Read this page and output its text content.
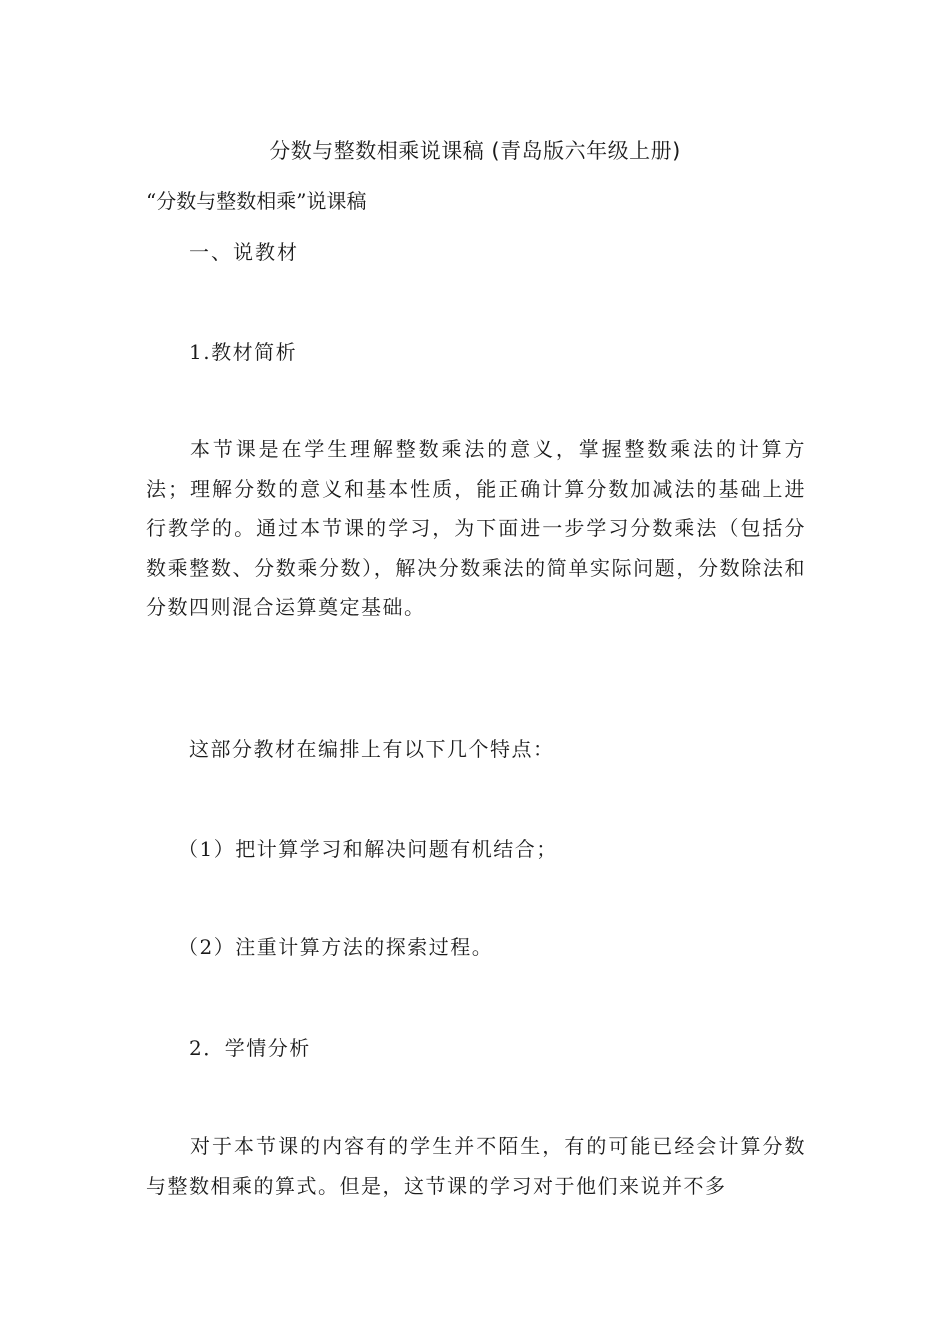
分数与整数相乘说课稿 (青岛版六年级上册)
“分数与整数相乘”说课稿
一、说教材
1.教材简析
本节课是在学生理解整数乘法的意义，掌握整数乘法的计算方法；理解分数的意义和基本性质，能正确计算分数加减法的基础上进行教学的。通过本节课的学习，为下面进一步学习分数乘法（包括分数乘整数、分数乘分数），解决分数乘法的简单实际问题，分数除法和分数四则混合运算奠定基础。
这部分教材在编排上有以下几个特点：
（1）把计算学习和解决问题有机结合；
（2）注重计算方法的探索过程。
2．学情分析
对于本节课的内容有的学生并不陌生，有的可能已经会计算分数与整数相乘的算式。但是，这节课的学习对于他们来说并不多
